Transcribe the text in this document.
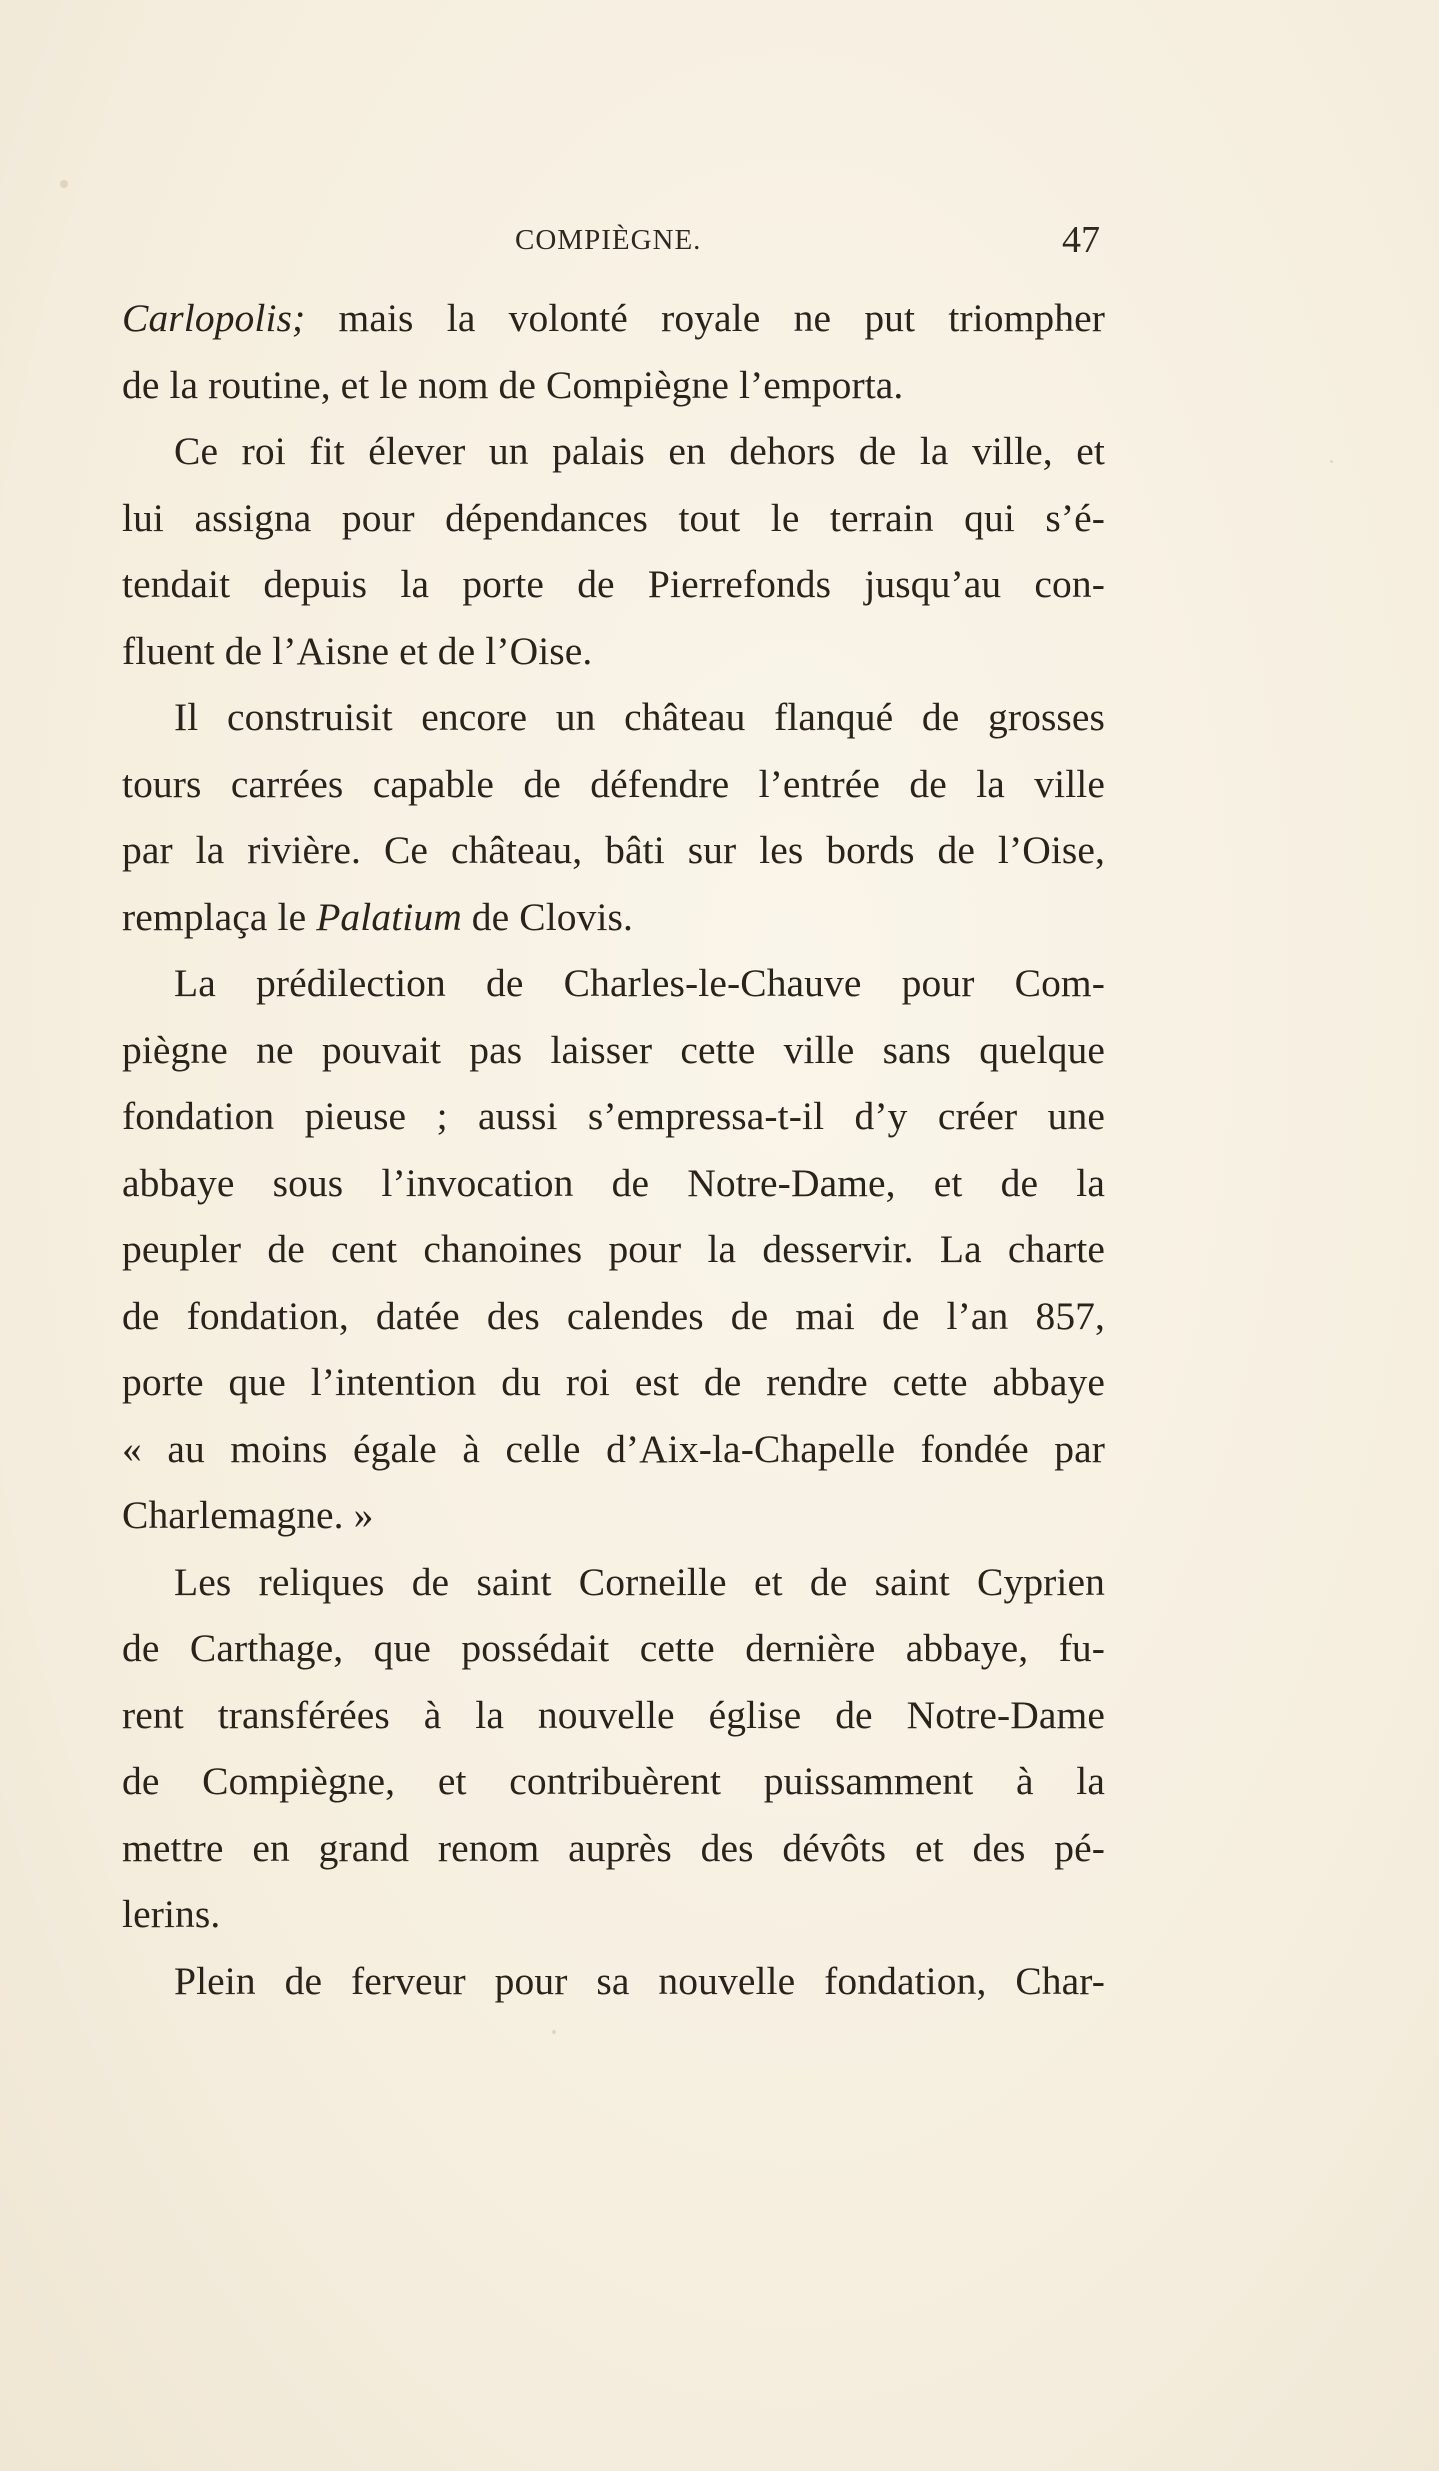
COMPIÈGNE.	47
Carlopolis; mais la volonté royale ne put triompher
de la routine, et le nom de Compiègne l’emporta.
Ce roi fit élever un palais en dehors de la ville, et
lui assigna pour dépendances tout le terrain qui s’é-
tendait depuis la porte de Pierrefonds jusqu’au con-
fluent de l’Aisne et de l’Oise.
Il construisit encore un château flanqué de grosses
tours carrées capable de défendre l’entrée de la ville
par la rivière. Ce château, bâti sur les bords de l’Oise,
remplaça le Palatium de Clovis.
La prédilection de Charles-le-Chauve pour Com-
piègne ne pouvait pas laisser cette ville sans quelque
fondation pieuse ; aussi s’empressa-t-il d’y créer une
abbaye sous l’invocation de Notre-Dame, et de la
peupler de cent chanoines pour la desservir. La charte
de fondation, datée des calendes de mai de l’an 857,
porte que l’intention du roi est de rendre cette abbaye
« au moins égale à celle d’Aix-la-Chapelle fondée par
Charlemagne. »
Les reliques de saint Corneille et de saint Cyprien
de Carthage, que possédait cette dernière abbaye, fu-
rent transférées à la nouvelle église de Notre-Dame
de Compiègne, et contribuèrent puissamment à la
mettre en grand renom auprès des dévôts et des pé-
lerins.
Plein de ferveur pour sa nouvelle fondation, Char-
